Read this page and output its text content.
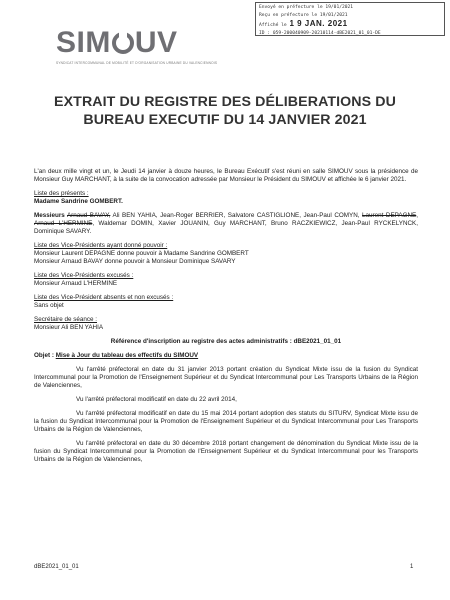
Envoyé en préfecture le 19/01/2021
Reçu en préfecture le 19/01/2021
Affiché le 1 9 JAN. 2021
ID : 059-200040909-20210114-dBE2021_01_01-DE
SIM UV
SYNDICAT INTERCOMMUNAL DE MOBILITÉ ET D'ORGANISATION URBAINE DU VALENCIENNOIS
EXTRAIT DU REGISTRE DES DÉLIBERATIONS DU
BUREAU EXECUTIF DU 14 JANVIER 2021

L'an deux mille vingt et un, le Jeudi 14 janvier à douze heures, le Bureau Exécutif s'est réuni en salle SIMOUV sous la présidence de Monsieur Guy MARCHANT, à la suite de la convocation adressée par Monsieur le Président du SIMOUV et affichée le 6 janvier 2021.

Liste des présents :

Madame Sandrine GOMBERT.

Messieurs Arnaud BAVAY, Ali BEN YAHIA, Jean-Roger BERRIER, Salvatore CASTIGLIONE, Jean-Paul COMYN, Laurent DEPAGNE, Arnaud L'HERMINE, Waldemar DOMIN, Xavier JOUANIN, Guy MARCHANT, Bruno RACZKIEWICZ, Jean-Paul RYCKELYNCK, Dominique SAVARY.

Liste des Vice-Présidents ayant donné pouvoir :

Monsieur Laurent DEPAGNE donne pouvoir à Madame Sandrine GOMBERT

Monsieur Arnaud BAVAY donne pouvoir à Monsieur Dominique SAVARY

Liste des Vice-Présidents excusés :

Monsieur Arnaud L'HERMINE

Liste des Vice-Président absents et non excusés :

Sans objet

Secrétaire de séance :

Monsieur Ali BEN YAHIA

Référence d'inscription au registre des actes administratifs : dBE2021_01_01

Objet : Mise à Jour du tableau des effectifs du SIMOUV

Vu l'arrêté préfectoral en date du 31 janvier 2013 portant création du Syndicat Mixte issu de la fusion du Syndicat Intercommunal pour la Promotion de l'Enseignement Supérieur et du Syndicat Intercommunal pour Les Transports Urbains de la Région de Valenciennes,

Vu l'arrêté préfectoral modificatif en date du 22 avril 2014,

Vu l'arrêté préfectoral modificatif en date du 15 mai 2014 portant adoption des statuts du SITURV, Syndicat Mixte issu de la fusion du Syndicat Intercommunal pour la Promotion de l'Enseignement Supérieur et du Syndicat Intercommunal pour Les Transports Urbains de la Région de Valenciennes,

Vu l'arrêté préfectoral en date du 30 décembre 2018 portant changement de dénomination du Syndicat Mixte issu de la fusion du Syndicat Intercommunal pour la Promotion de l'Enseignement Supérieur et du Syndicat Intercommunal pour les Transports Urbains de la Région de Valenciennes,

dBE2021_01_01	1
